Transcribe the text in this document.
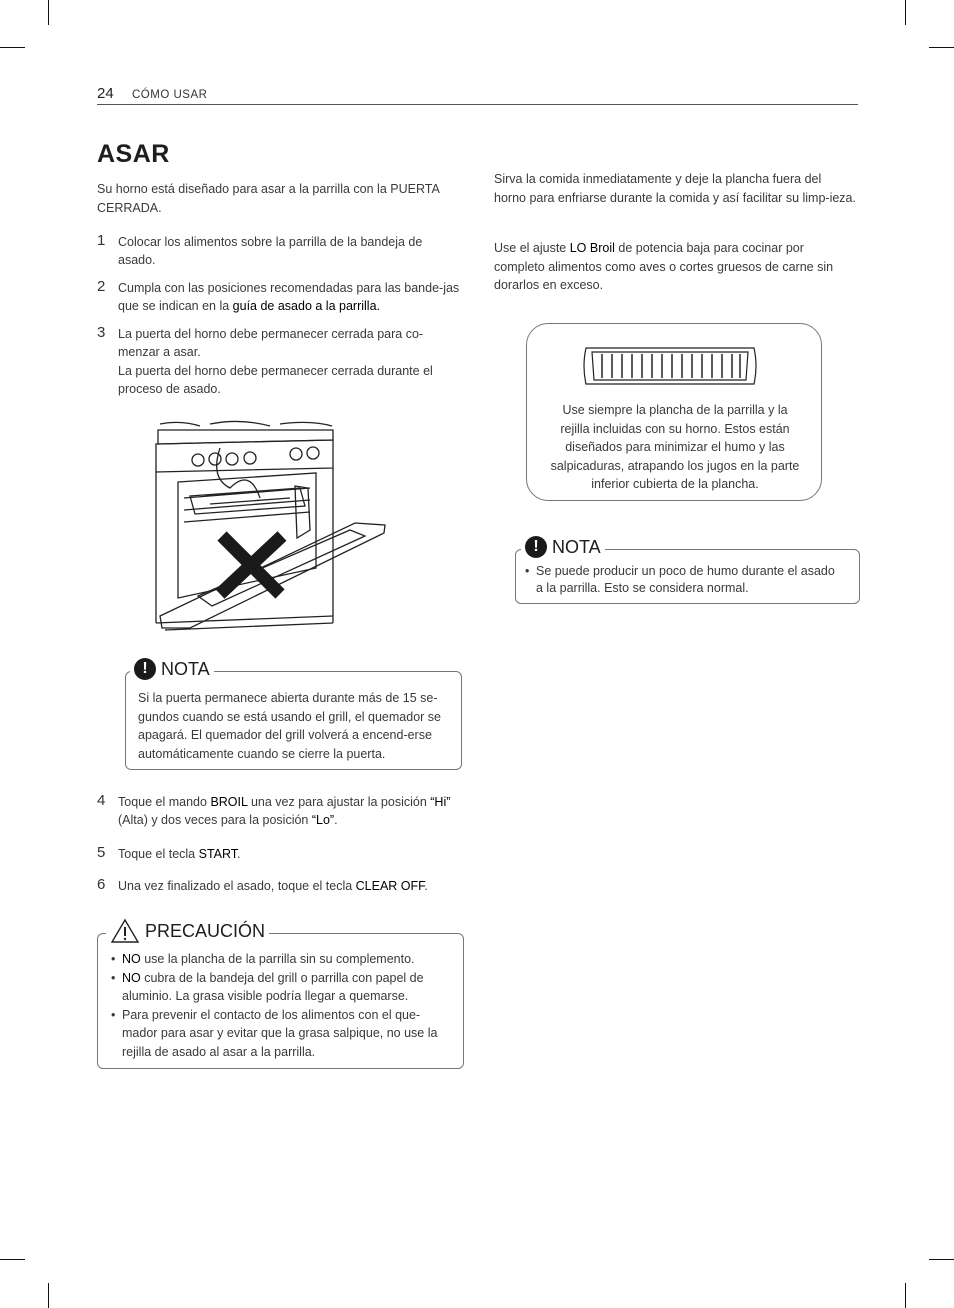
24 CÓMO USAR
ASAR

Su horno está diseñado para asar a la parrilla con la PUERTA CERRADA.

1 Colocar los alimentos sobre la parrilla de la bandeja de asado.
2 Cumpla con las posiciones recomendadas para las bande-jas que se indican en la guía de asado a la parrilla.
3 La puerta del horno debe permanecer cerrada para co-menzar a asar.
La puerta del horno debe permanecer cerrada durante el proceso de asado.
! NOTA

Si la puerta permanece abierta durante más de 15 se-gundos cuando se está usando el grill, el quemador se apagará. El quemador del grill volverá a encend-erse automáticamente cuando se cierre la puerta.

4 Toque el mando BROIL una vez para ajustar la posición “Hi” (Alta) y dos veces para la posición “Lo”.
5 Toque el tecla START.
6 Una vez finalizado el asado, toque el tecla CLEAR OFF.
PRECAUCIÓN

• NO use la plancha de la parrilla sin su complemento.

• NO cubra de la bandeja del grill o parrilla con papel de aluminio. La grasa visible podría llegar a quemarse.

• Para prevenir el contacto de los alimentos con el que-mador para asar y evitar que la grasa salpique, no use la rejilla de asado al asar a la parrilla.

Sirva la comida inmediatamente y deje la plancha fuera del horno para enfriarse durante la comida y así facilitar su limp-ieza.

Use el ajuste LO Broil de potencia baja para cocinar por completo alimentos como aves o cortes gruesos de carne sin dorarlos en exceso.

Use siempre la plancha de la parrilla y la rejilla incluidas con su horno. Estos están diseñados para minimizar el humo y las salpicaduras, atrapando los jugos en la parte inferior cubierta de la plancha.

! NOTA

• Se puede producir un poco de humo durante el asado a la parrilla. Esto se considera normal.
